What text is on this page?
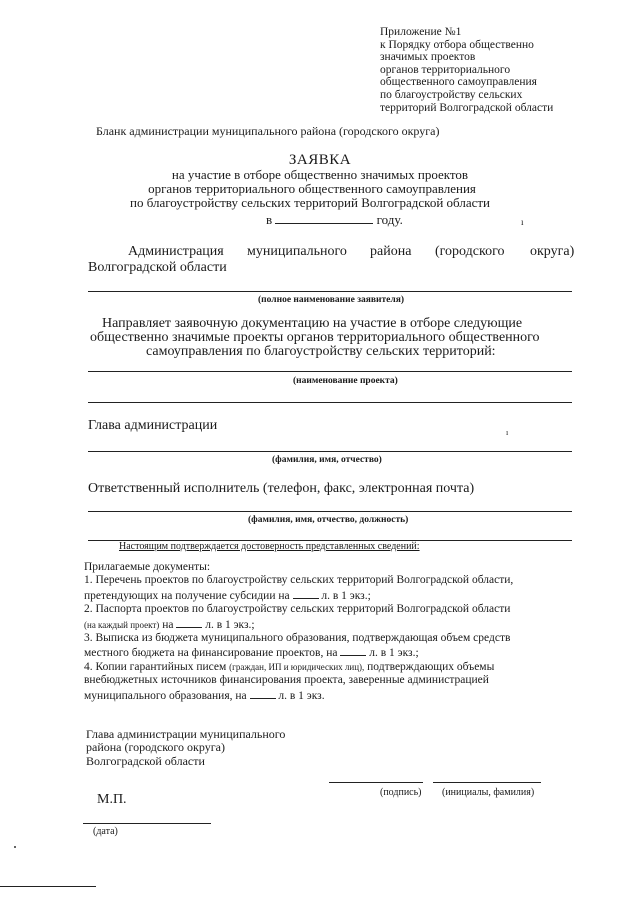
Приложение №1
к Порядку отбора общественно
значимых проектов
органов территориального
общественного самоуправления
по благоустройству сельских
территорий Волгоградской области
Бланк администрации муниципального района (городского округа)
ЗАЯВКА
на участие в отборе общественно значимых проектов
органов территориального общественного самоуправления
по благоустройству сельских территорий Волгоградской области
в	году.	ı
Администрация муниципального района (городского округа)
Волгоградской области
(полное наименование заявителя)
Направляет заявочную документацию на участие в отборе следующие
общественно значимые проекты органов территориального общественного
самоуправления по благоустройству сельских территорий:
(наименование проекта)
Глава администрации	ı
(фамилия, имя, отчество)
Ответственный исполнитель (телефон, факс, электронная почта)
(фамилия, имя, отчество, должность)
Настоящим подтверждается достоверность представленных сведений:
Прилагаемые документы:
1. Перечень проектов по благоустройству сельских территорий Волгоградской области,
претендующих на получение субсидии на	л. в 1 экз.;
2. Паспорта проектов по благоустройству сельских территорий Волгоградской области
(на каждый проект) на	л. в 1 экз.;
3. Выписка из бюджета муниципального образования, подтверждающая объем средств
местного бюджета на финансирование проектов, на	л. в 1 экз.;
4. Копии гарантийных писем (граждан, ИП и юридических лиц), подтверждающих объемы
внебюджетных источников финансирования проекта, заверенные администрацией
муниципального образования, на	л. в 1 экз.
Глава администрации муниципального
района (городского округа)
Волгоградской области
(подпись) (инициалы, фамилия)
М.П.
(дата)
